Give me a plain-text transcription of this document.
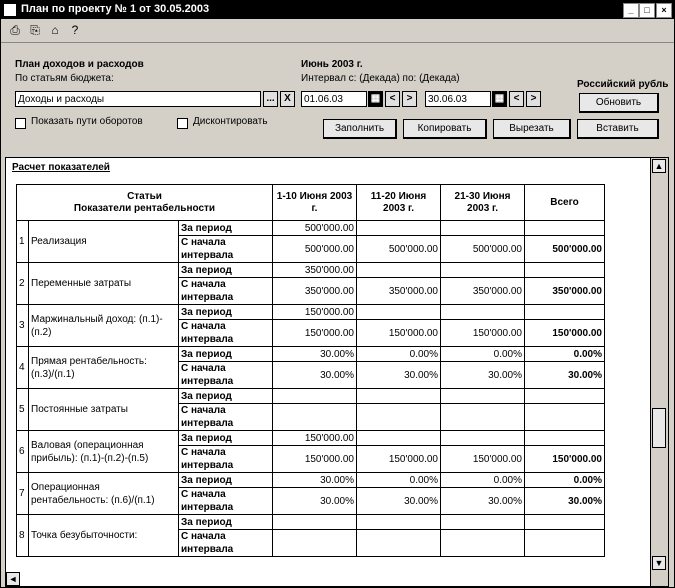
План по проекту № 1 от 30.05.2003	_	□	×
⎙ ⎘ ⌂	?
План доходов и расходов
По статьям бюджета:
Доходы и расходы	... X
Июнь 2003 г.
Интервал с: (Декада) по: (Декада)
01.06.03	▦ <	>	30.06.03	▦ <	>
Российский рубль
Обновить
Показать пути оборотов	Дисконтировать
Заполнить	Копировать	Вырезать	Вставить
Расчет показателей
Статьи
Показатели рентабельности			1-10 Июня 2003 г.	11-20 Июня 2003 г.	21-30 Июня 2003 г.	Всего
1	Реализация	За период	500'000.00			
		С начала интервала	500'000.00	500'000.00	500'000.00	500'000.00
2	Переменные затраты	За период	350'000.00			
		С начала интервала	350'000.00	350'000.00	350'000.00	350'000.00
3	Маржинальный доход: (п.1)-(п.2)	За период	150'000.00			
		С начала интервала	150'000.00	150'000.00	150'000.00	150'000.00
4	Прямая рентабельность: (п.3)/(п.1)	За период	30.00%	0.00%	0.00%	0.00%
		С начала интервала	30.00%	30.00%	30.00%	30.00%
5	Постоянные затраты	За период				
		С начала интервала				
6	Валовая (операционная прибыль): (п.1)-(п.2)-(п.5)	За период	150'000.00			
		С начала интервала	150'000.00	150'000.00	150'000.00	150'000.00
7	Операционная рентабельность: (п.6)/(п.1)	За период	30.00%	0.00%	0.00%	0.00%
		С начала интервала	30.00%	30.00%	30.00%	30.00%
8	Точка безубыточности:	За период				
		С начала интервала				
▲
▼
◄
